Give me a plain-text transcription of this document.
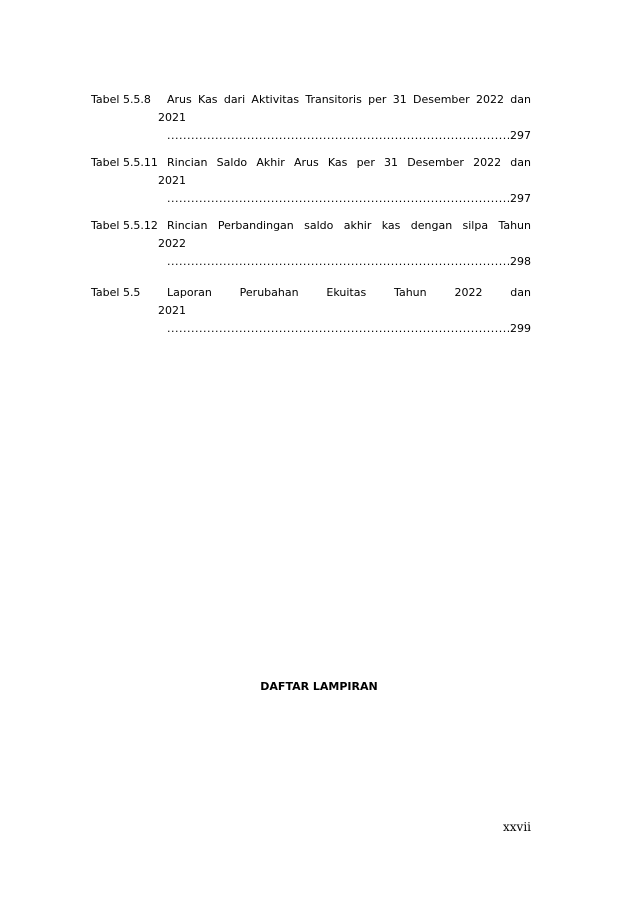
Tabel 5.5.8 Arus Kas dari Aktivitas Transitoris per 31 Desember 2022 dan
2021
.....
297
Tabel 5.5.11 Rincian Saldo Akhir Arus Kas per 31 Desember 2022 dan
2021
.....
297
Tabel 5.5.12 Rincian Perbandingan saldo akhir kas dengan silpa Tahun
2022
.....
298
Tabel 5.5 Laporan Perubahan Ekuitas Tahun 2022 dan
2021
.....
299
DAFTAR LAMPIRAN
xxvii
